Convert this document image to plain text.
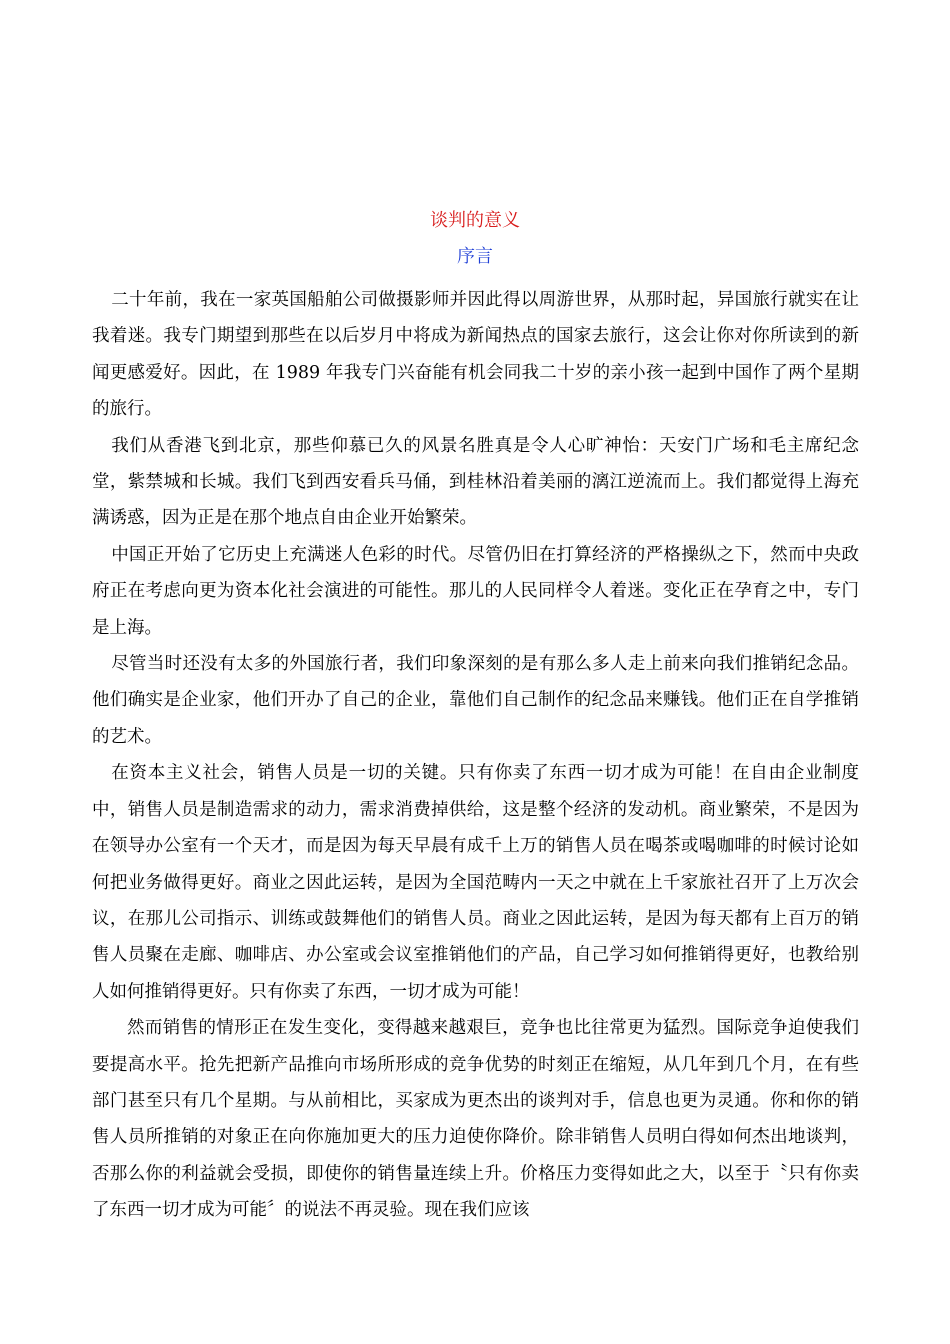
谈判的意义
序言

二十年前，我在一家英国船舶公司做摄影师并因此得以周游世界，从那时起，异国旅行就实在让我着迷。我专门期望到那些在以后岁月中将成为新闻热点的国家去旅行，这会让你对你所读到的新闻更感爱好。因此，在 1989 年我专门兴奋能有机会同我二十岁的亲小孩一起到中国作了两个星期的旅行。

我们从香港飞到北京，那些仰慕已久的风景名胜真是令人心旷神怡：天安门广场和毛主席纪念堂，紫禁城和长城。我们飞到西安看兵马俑，到桂林沿着美丽的漓江逆流而上。我们都觉得上海充满诱惑，因为正是在那个地点自由企业开始繁荣。

中国正开始了它历史上充满迷人色彩的时代。尽管仍旧在打算经济的严格操纵之下，然而中央政府正在考虑向更为资本化社会演进的可能性。那儿的人民同样令人着迷。变化正在孕育之中，专门是上海。

尽管当时还没有太多的外国旅行者，我们印象深刻的是有那么多人走上前来向我们推销纪念品。他们确实是企业家，他们开办了自己的企业，靠他们自己制作的纪念品来赚钱。他们正在自学推销的艺术。

在资本主义社会，销售人员是一切的关键。只有你卖了东西一切才成为可能！在自由企业制度中，销售人员是制造需求的动力，需求消费掉供给，这是整个经济的发动机。商业繁荣，不是因为在领导办公室有一个天才，而是因为每天早晨有成千上万的销售人员在喝茶或喝咖啡的时候讨论如何把业务做得更好。商业之因此运转，是因为全国范畴内一天之中就在上千家旅社召开了上万次会议，在那儿公司指示、训练或鼓舞他们的销售人员。商业之因此运转，是因为每天都有上百万的销售人员聚在走廊、咖啡店、办公室或会议室推销他们的产品，自己学习如何推销得更好，也教给别人如何推销得更好。只有你卖了东西，一切才成为可能！

然而销售的情形正在发生变化，变得越来越艰巨，竞争也比往常更为猛烈。国际竞争迫使我们要提高水平。抢先把新产品推向市场所形成的竞争优势的时刻正在缩短，从几年到几个月，在有些部门甚至只有几个星期。与从前相比，买家成为更杰出的谈判对手，信息也更为灵通。你和你的销售人员所推销的对象正在向你施加更大的压力迫使你降价。除非销售人员明白得如何杰出地谈判，否那么你的利益就会受损，即使你的销售量连续上升。价格压力变得如此之大，以至于〝只有你卖了东西一切才成为可能〞的说法不再灵验。现在我们应该
